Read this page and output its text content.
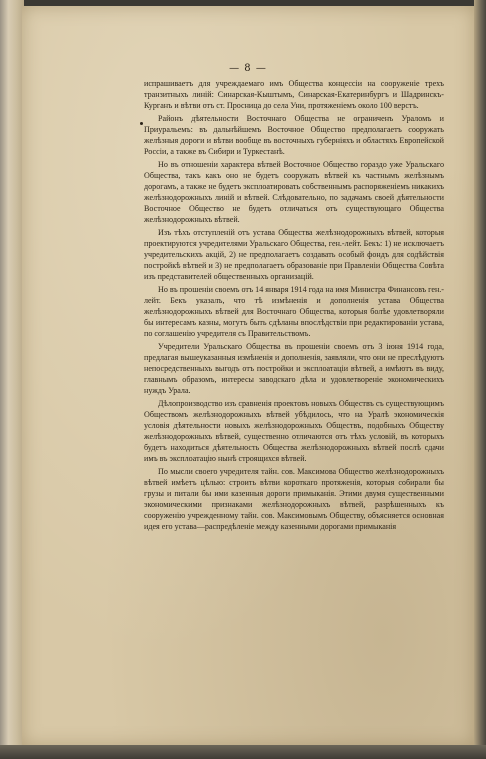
— 8 —

испрашиваетъ для учреждаемаго имъ Общества концессiи на сооруженiе трехъ транзитныхъ линiй: Синарская-Кыштымъ, Синарская-Екатеринбургъ и Шадринскъ-Курганъ и вѣтви отъ ст. Просница до села Уни, протяженiемъ около 100 верстъ.

Районъ дѣятельности Восточнаго Общества не ограниченъ Ураломъ и Приуральемъ: въ дальнѣйшемъ Восточное Общество предполагаетъ сооружать желѣзныя дороги и вѣтви вообще въ восточныхъ губернiяхъ и областяхъ Европейской Россiи, а также въ Сибири и Туркестанѣ.

Но въ отношенiи характера вѣтвей Восточное Общество гораздо уже Уральскаго Общества, такъ какъ оно не будетъ сооружать вѣтвей къ частнымъ желѣзнымъ дорогамъ, а также не будетъ эксплоатировать собственнымъ распоряженiемъ никакихъ желѣзнодорожныхъ линiй и вѣтвей. Слѣдовательно, по задачамъ своей дѣятельности Восточное Общество не будетъ отличаться отъ существующаго Общества желѣзнодорожныхъ вѣтвей.

Изъ тѣхъ отступленiй отъ устава Общества желѣзнодорожныхъ вѣтвей, которыя проектируются учредителями Уральскаго Общества, ген.-лейт. Бекъ: 1) не исключаетъ учредительскихъ акцiй, 2) не предполагаетъ создавать особый фондъ для содѣйствiя постройкѣ вѣтвей и 3) не предполагаетъ образованiе при Правленiи Общества Совѣта изъ представителей общественныхъ организацiй.

Но въ прошенiи своемъ отъ 14 января 1914 года на имя Министра Финансовъ ген.-лейт. Бекъ указалъ, что тѣ измѣненiя и дополненiя устава Общества желѣзнодорожныхъ вѣтвей для Восточнаго Общества, которыя болѣе удовлетворяли бы интересамъ казны, могутъ быть сдѣланы впослѣдствiи при редактированiи устава, по соглашенiю учредителя съ Правительствомъ.

Учредители Уральскаго Общества въ прошенiи своемъ отъ 3 iюня 1914 года, предлагая вышеуказанныя измѣненiя и дополненiя, заявляли, что они не преслѣдуютъ непосредственныхъ выгодъ отъ постройки и эксплоатацiи вѣтвей, а имѣютъ въ виду, главнымъ образомъ, интересы заводскаго дѣла и удовлетворенiе экономическихъ нуждъ Урала.

Дѣлопроизводство изъ сравненiя проектовъ новыхъ Обществъ съ существующимъ Обществомъ желѣзнодорожныхъ вѣтвей убѣдилось, что на Уралѣ экономическiя условiя дѣятельности новыхъ желѣзнодорожныхъ Обществъ, подобныхъ Обществу желѣзнодорожныхъ вѣтвей, существенно отличаются отъ тѣхъ условiй, въ которыхъ будетъ находиться дѣятельность Общества желѣзнодорожныхъ вѣтвей послѣ сдачи имъ въ эксплоатацiю нынѣ строящихся вѣтвей.

По мысли своего учредителя тайн. сов. Максимова Общество желѣзнодорожныхъ вѣтвей имѣетъ цѣлью: строить вѣтви короткаго протяженiя, которыя собирали бы грузы и питали бы ими казенныя дороги примыканiя. Этими двумя существенными экономическими признаками желѣзнодорожныхъ вѣтвей, разрѣшенныхъ къ сооруженiю учрежденному тайн. сов. Максимовымъ Обществу, объясняется основная идея его устава—распредѣленiе между казенными дорогами примыканiя
